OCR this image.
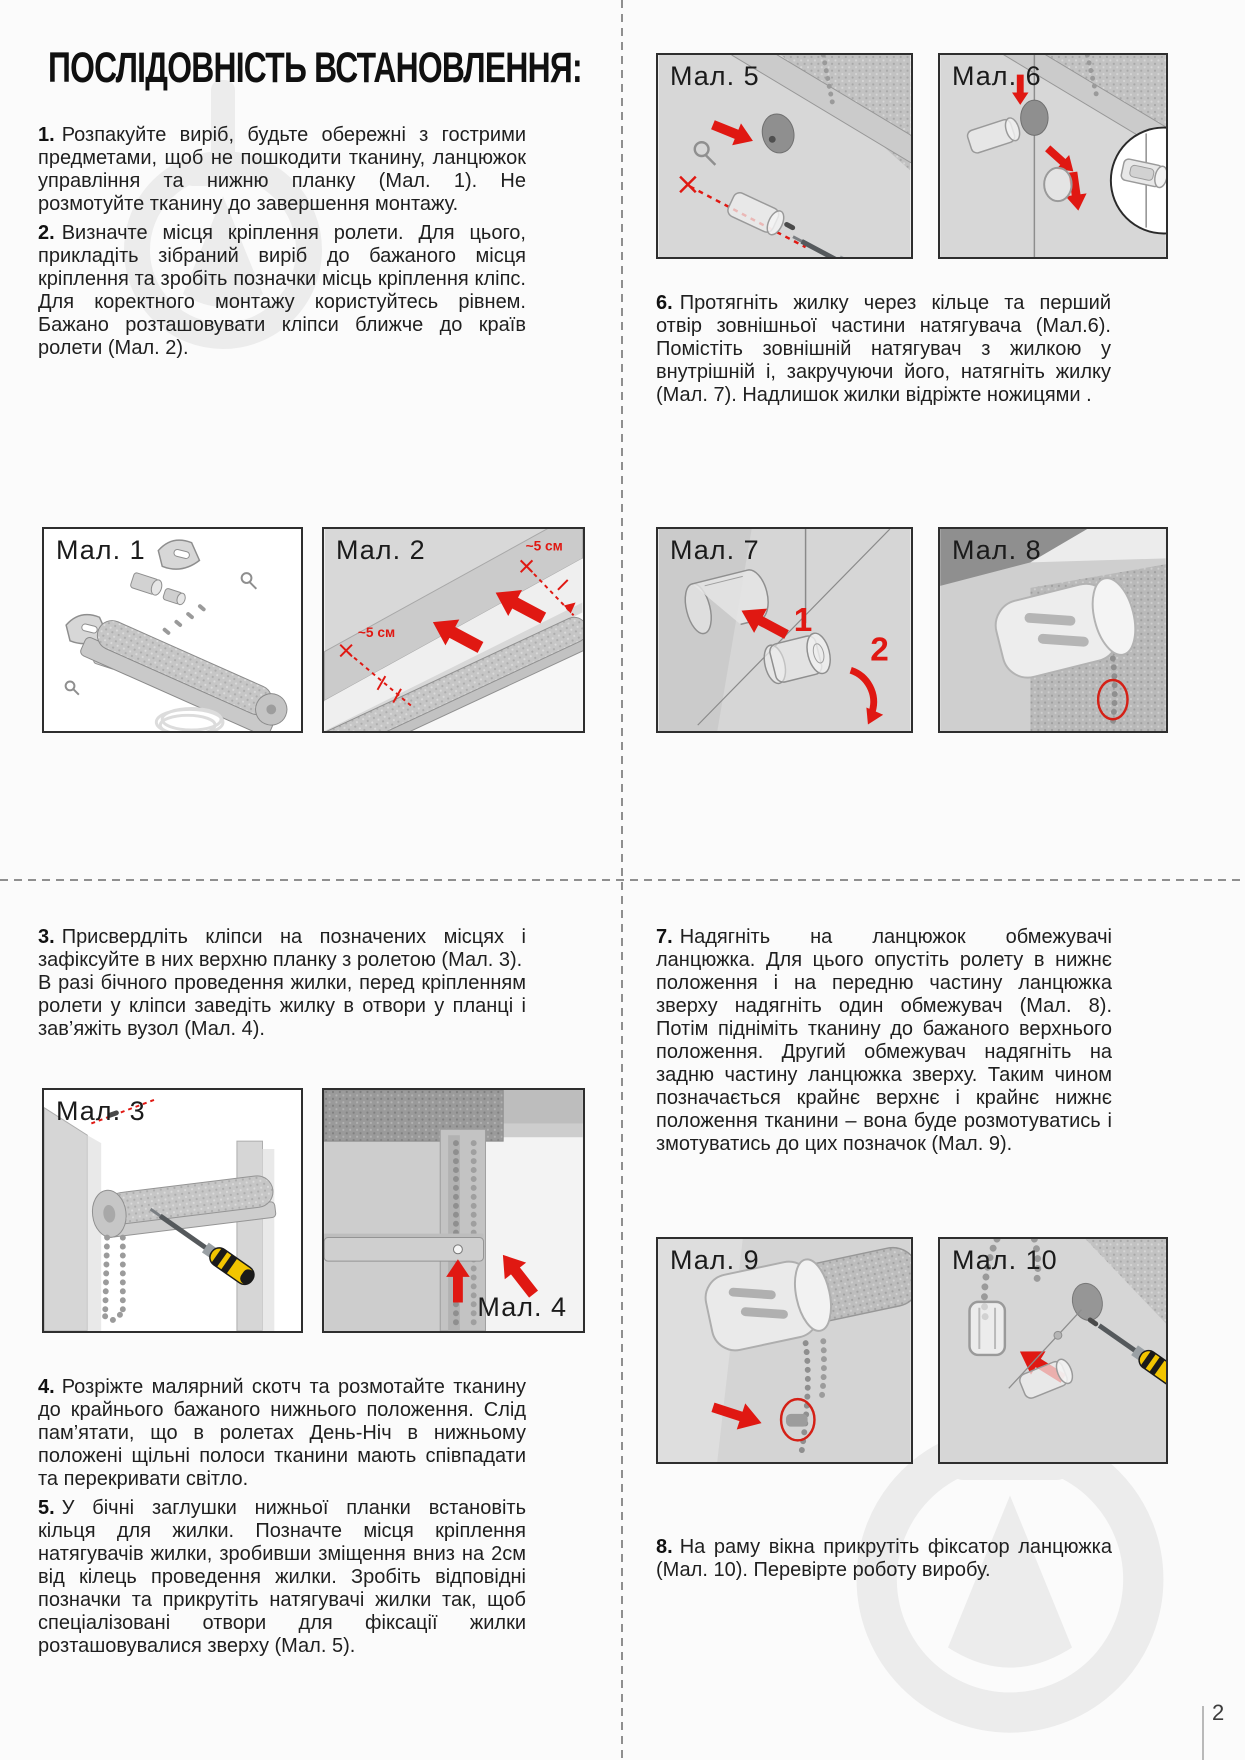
ПОСЛІДОВНІСТЬ ВСТАНОВЛЕННЯ:

1. Розпакуйте виріб, будьте обережні з гострими предметами, щоб не пошкодити тканину, ланцюжок управління та нижню планку (Мал. 1). Не розмотуйте тканину до завершення монтажу.

2. Визначте місця кріплення ролети. Для цього, прикладіть зібраний виріб до бажаного місця кріплення та зробіть позначки місць кріплення кліпс. Для коректного монтажу користуйтесь рівнем. Бажано розташовувати кліпси ближче до країв ролети (Мал. 2).

6. Протягніть жилку через кільце та перший отвір зовнішньої частини натягувача (Мал.6). Помістіть зовнішній натягувач з жилкою у внутрішній і, закручуючи його, натягніть жилку (Мал. 7). Надлишок жилки відріжте ножицями .

3. Присвердліть кліпси на позначених місцях і зафіксуйте в них верхню планку з ролетою (Мал. 3).

В разі бічного проведення жилки, перед кріпленням ролети у кліпси заведіть жилку в отвори у планці і зав’яжіть вузол (Мал. 4).

4. Розріжте малярний скотч та розмотайте тканину до крайнього бажаного нижнього положення. Слід пам’ятати, що в ролетах День-Ніч в нижньому положені щільні полоси тканини мають співпадати та перекривати світло.

5. У бічні заглушки нижньої планки встановіть кільця для жилки. Позначте місця кріплення натягувачів жилки, зробивши зміщення вниз на 2см від кілець проведення жилки. Зробіть відповідні позначки та прикрутіть натягувачі жилки так, щоб спеціалізовані отвори для фіксації жилки розташовувалися зверху (Мал. 5).

7. Надягніть на ланцюжок обмежувачі ланцюжка. Для цього опустіть ролету в нижнє положення і на передню частину ланцюжка зверху надягніть один обмежувач (Мал. 8). Потім підніміть тканину до бажаного верхнього положення. Другий обмежувач надягніть на задню частину ланцюжка зверху. Таким чином позначається крайнє верхнє і крайнє нижнє положення тканини – вона буде розмотуватись і змотуватись до цих позначок (Мал. 9).

8. На раму вікна прикрутіть фіксатор ланцюжка (Мал. 10). Перевірте роботу виробу.

Мал. 1	~5 см
~5 см
Мал. 2
Мал. 3
Мал. 4
Мал. 5	Мал. 6
1
2
Мал. 7	Мал. 8
Мал. 9	Мал. 10
2
